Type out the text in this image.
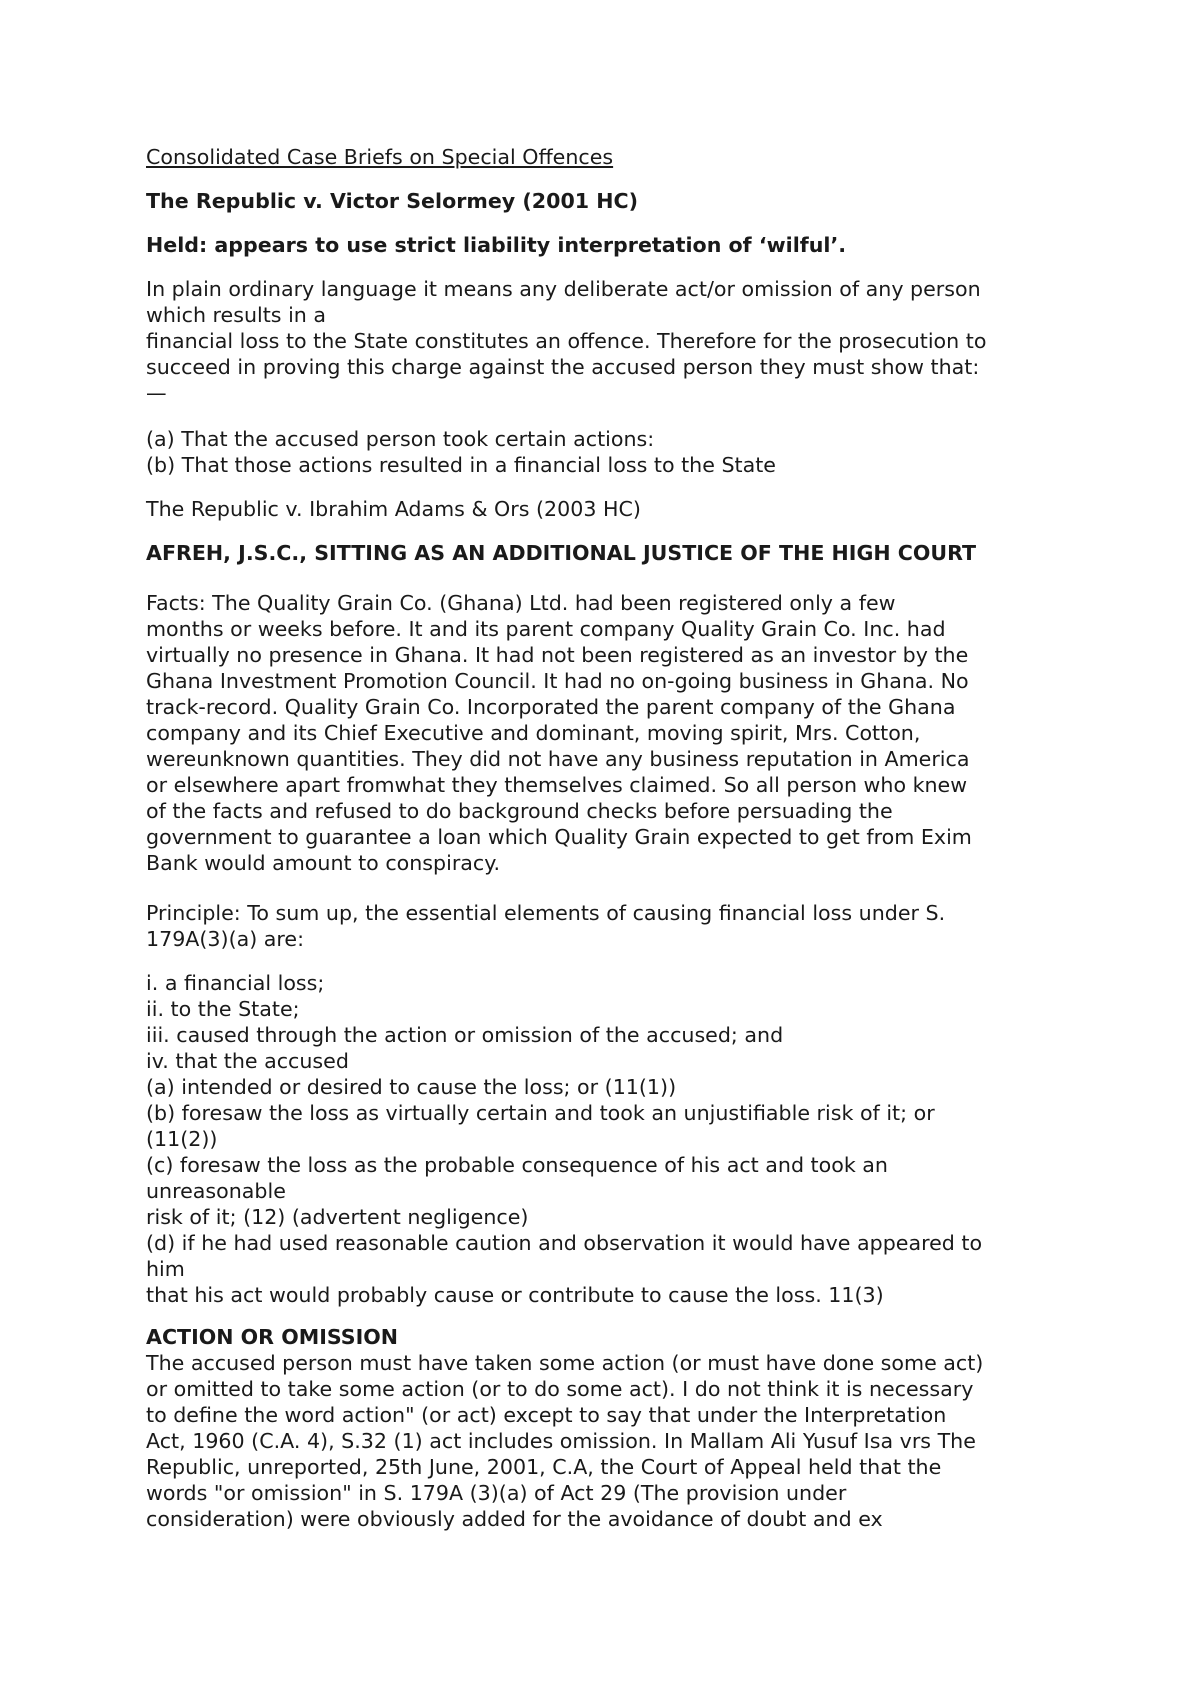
Consolidated Case Briefs on Special Offences
The Republic v. Victor Selormey (2001 HC)
Held: appears to use strict liability interpretation of ‘wilful’.
In plain ordinary language it means any deliberate act/or omission of any person
which results in a
financial loss to the State constitutes an offence. Therefore for the prosecution to
succeed in proving this charge against the accused person they must show that:
—
(a) That the accused person took certain actions:
(b) That those actions resulted in a financial loss to the State
The Republic v. Ibrahim Adams & Ors (2003 HC)
AFREH, J.S.C., SITTING AS AN ADDITIONAL JUSTICE OF THE HIGH COURT
Facts: The Quality Grain Co. (Ghana) Ltd. had been registered only a few
months or weeks before. It and its parent company Quality Grain Co. Inc. had
virtually no presence in Ghana. It had not been registered as an investor by the
Ghana Investment Promotion Council. It had no on-going business in Ghana. No
track-record. Quality Grain Co. Incorporated the parent company of the Ghana
company and its Chief Executive and dominant, moving spirit, Mrs. Cotton,
wereunknown quantities. They did not have any business reputation in America
or elsewhere apart fromwhat they themselves claimed. So all person who knew
of the facts and refused to do background checks before persuading the
government to guarantee a loan which Quality Grain expected to get from Exim
Bank would amount to conspiracy.
Principle: To sum up, the essential elements of causing financial loss under S.
179A(3)(a) are:
i. a financial loss;
ii. to the State;
iii. caused through the action or omission of the accused; and
iv. that the accused
(a) intended or desired to cause the loss; or (11(1))
(b) foresaw the loss as virtually certain and took an unjustifiable risk of it; or
(11(2))
(c) foresaw the loss as the probable consequence of his act and took an
unreasonable
risk of it; (12) (advertent negligence)
(d) if he had used reasonable caution and observation it would have appeared to
him
that his act would probably cause or contribute to cause the loss. 11(3)
ACTION OR OMISSION
The accused person must have taken some action (or must have done some act)
or omitted to take some action (or to do some act). I do not think it is necessary
to define the word action" (or act) except to say that under the Interpretation
Act, 1960 (C.A. 4), S.32 (1) act includes omission. In Mallam Ali Yusuf Isa vrs The
Republic, unreported, 25th June, 2001, C.A, the Court of Appeal held that the
words "or omission" in S. 179A (3)(a) of Act 29 (The provision under
consideration) were obviously added for the avoidance of doubt and ex
